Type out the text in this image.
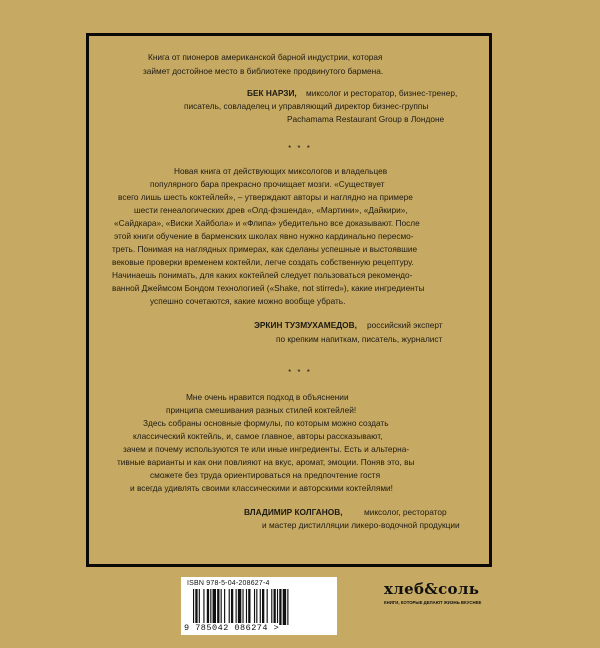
Книга от пионеров американской барной индустрии, которая
займет достойное место в библиотеке продвинутого бармена.
БЕК НАРЗИ, миксолог и ресторатор, бизнес-тренер,
писатель, совладелец и управляющий директор бизнес-группы
Pachamama Restaurant Group в Лондоне
* * *
Новая книга от действующих миксологов и владельцев
популярного бара прекрасно прочищает мозги. «Существует
всего лишь шесть коктейлей», – утверждают авторы и наглядно на примере
шести генеалогических древ «Олд-фэшенда», «Мартини», «Дайкири»,
«Сайдкара», «Виски Хайбола» и «Флипа» убедительно все доказывают. После
этой книги обучение в барменских школах явно нужно кардинально пересмо-
треть. Понимая на наглядных примерах, как сделаны успешные и выстоявшие
вековые проверки временем коктейли, легче создать собственную рецептуру.
Начинаешь понимать, для каких коктейлей следует пользоваться рекомендо-
ванной Джеймсом Бондом технологией («Shake, not stirred»), какие ингредиенты
успешно сочетаются, какие можно вообще убрать.
ЭРКИН ТУЗМУХАМЕДОВ, российский эксперт
по крепким напиткам, писатель, журналист
* * *
Мне очень нравится подход в объяснении
принципа смешивания разных стилей коктейлей!
Здесь собраны основные формулы, по которым можно создать
классический коктейль, и, самое главное, авторы рассказывают,
зачем и почему используются те или иные ингредиенты. Есть и альтерна-
тивные варианты и как они повлияют на вкус, аромат, эмоции. Поняв это, вы
сможете без труда ориентироваться на предпочтение гостя
и всегда удивлять своими классическими и авторскими коктейлями!
ВЛАДИМИР КОЛГАНОВ,	миксолог, ресторатор
и мастер дистилляции ликеро-водочной продукции
ISBN 978-5-04-208627-4
9 785042 086274 >
хлеб&соль
КНИГИ, КОТОРЫЕ ДЕЛАЮТ ЖИЗНЬ ВКУСНЕЕ
